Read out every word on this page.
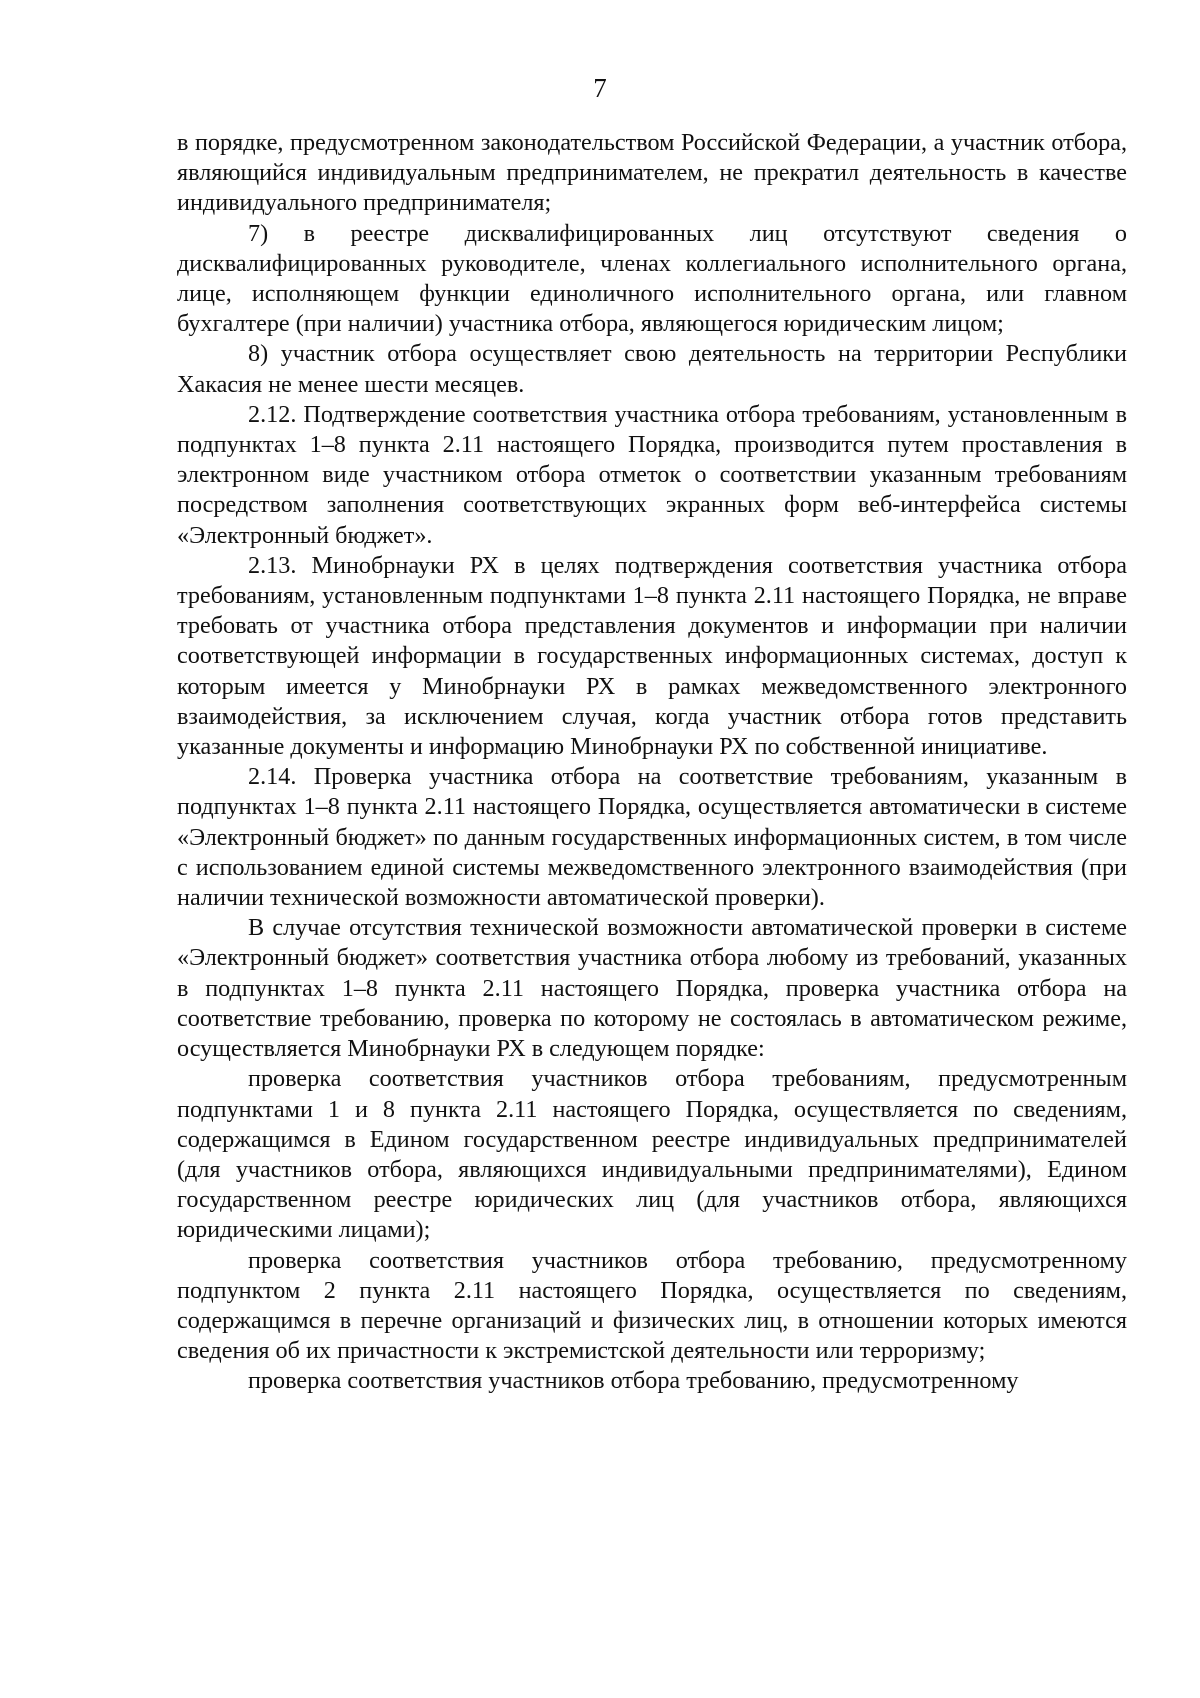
7

в порядке, предусмотренном законодательством Российской Федерации, а участник отбора, являющийся индивидуальным предпринимателем, не прекратил деятельность в качестве индивидуального предпринимателя;

7) в реестре дисквалифицированных лиц отсутствуют сведения о дисквалифицированных руководителе, членах коллегиального исполнительного органа, лице, исполняющем функции единоличного исполнительного органа, или главном бухгалтере (при наличии) участника отбора, являющегося юридическим лицом;

8) участник отбора осуществляет свою деятельность на территории Республики Хакасия не менее шести месяцев.

2.12. Подтверждение соответствия участника отбора требованиям, установленным в подпунктах 1–8 пункта 2.11 настоящего Порядка, производится путем проставления в электронном виде участником отбора отметок о соответствии указанным требованиям посредством заполнения соответствующих экранных форм веб-интерфейса системы «Электронный бюджет».

2.13. Минобрнауки РХ в целях подтверждения соответствия участника отбора требованиям, установленным подпунктами 1–8 пункта 2.11 настоящего Порядка, не вправе требовать от участника отбора представления документов и информации при наличии соответствующей информации в государственных информационных системах, доступ к которым имеется у Минобрнауки РХ в рамках межведомственного электронного взаимодействия, за исключением случая, когда участник отбора готов представить указанные документы и информацию Минобрнауки РХ по собственной инициативе.

2.14. Проверка участника отбора на соответствие требованиям, указанным в подпунктах 1–8 пункта 2.11 настоящего Порядка, осуществляется автоматически в системе «Электронный бюджет» по данным государственных информационных систем, в том числе с использованием единой системы межведомственного электронного взаимодействия (при наличии технической возможности автоматической проверки).

В случае отсутствия технической возможности автоматической проверки в системе «Электронный бюджет» соответствия участника отбора любому из требований, указанных в подпунктах 1–8 пункта 2.11 настоящего Порядка, проверка участника отбора на соответствие требованию, проверка по которому не состоялась в автоматическом режиме, осуществляется Минобрнауки РХ в следующем порядке:

проверка соответствия участников отбора требованиям, предусмотренным подпунктами 1 и 8 пункта 2.11 настоящего Порядка, осуществляется по сведениям, содержащимся в Едином государственном реестре индивидуальных предпринимателей (для участников отбора, являющихся индивидуальными предпринимателями), Едином государственном реестре юридических лиц (для участников отбора, являющихся юридическими лицами);

проверка соответствия участников отбора требованию, предусмотренному подпунктом 2 пункта 2.11 настоящего Порядка, осуществляется по сведениям, содержащимся в перечне организаций и физических лиц, в отношении которых имеются сведения об их причастности к экстремистской деятельности или терроризму;

проверка соответствия участников отбора требованию, предусмотренному
